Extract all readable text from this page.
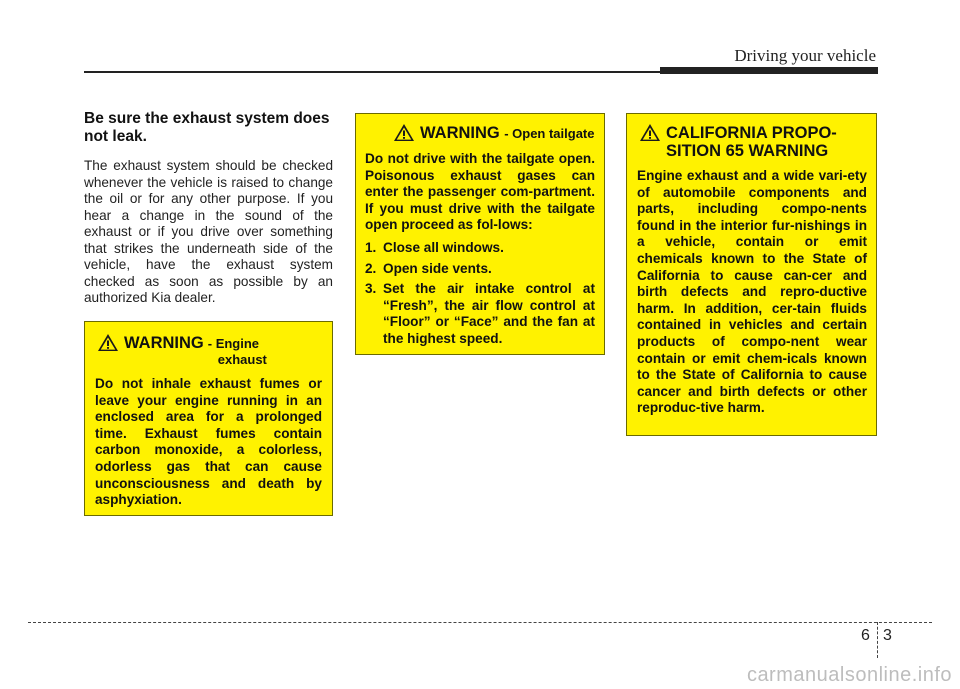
Driving your vehicle
Be sure the exhaust system does not leak.

The exhaust system should be checked whenever the vehicle is raised to change the oil or for any other purpose. If you hear a change in the sound of the exhaust or if you drive over something that strikes the underneath side of the vehicle, have the exhaust system checked as soon as possible by an authorized Kia dealer.

WARNING - Engine
exhaust

Do not inhale exhaust fumes or leave your engine running in an enclosed area for a prolonged time. Exhaust fumes contain carbon monoxide, a colorless, odorless gas that can cause unconsciousness and death by asphyxiation.

WARNING - Open tailgate

Do not drive with the tailgate open. Poisonous exhaust gases can enter the passenger com-partment. If you must drive with the tailgate open proceed as fol-lows:

1. Close all windows.
2. Open side vents.
3. Set the air intake control at “Fresh”, the air flow control at “Floor” or “Face” and the fan at the highest speed.
CALIFORNIA PROPO-
SITION 65 WARNING

Engine exhaust and a wide vari-ety of automobile components and parts, including compo-nents found in the interior fur-nishings in a vehicle, contain or emit chemicals known to the State of California to cause can-cer and birth defects and repro-ductive harm. In addition, cer-tain fluids contained in vehicles and certain products of compo-nent wear contain or emit chem-icals known to the State of California to cause cancer and birth defects or other reproduc-tive harm.

6 3
carmanualsonline.info
